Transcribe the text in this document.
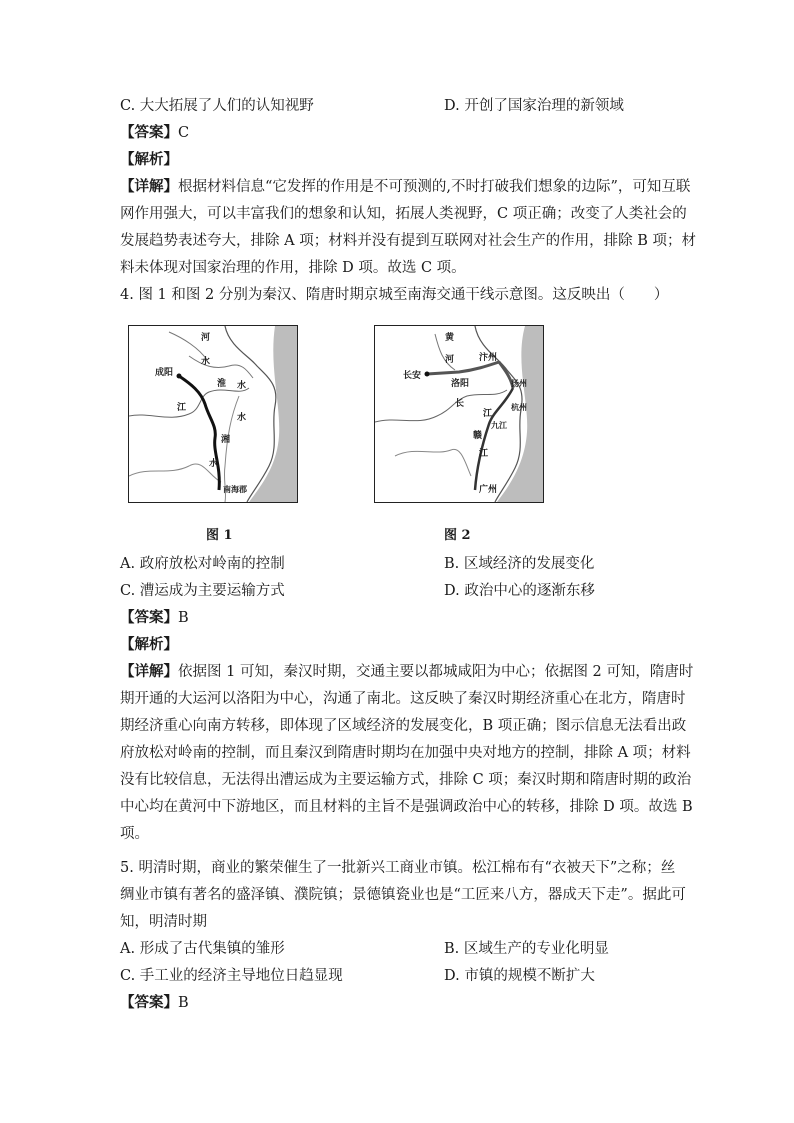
C. 大大拓展了人们的认知视野	D. 开创了国家治理的新领域
【答案】C
【解析】
【详解】根据材料信息“它发挥的作用是不可预测的,不时打破我们想象的边际”，可知互联
网作用强大，可以丰富我们的想象和认知，拓展人类视野，C 项正确；改变了人类社会的
发展趋势表述夸大，排除 A 项；材料并没有提到互联网对社会生产的作用，排除 B 项；材
料未体现对国家治理的作用，排除 D 项。故选 C 项。
4. 图 1 和图 2 分别为秦汉、隋唐时期京城至南海交通干线示意图。这反映出（　　）
河
水
成阳
淮 水
江
水
湘
水
南海郡
黄
河	汴州
长安
洛阳	扬州
长
江
杭州
九江
赣
江
广州
图 1	图 2
A. 政府放松对岭南的控制	B. 区域经济的发展变化
C. 漕运成为主要运输方式	D. 政治中心的逐渐东移
【答案】B
【解析】
【详解】依据图 1 可知，秦汉时期，交通主要以都城咸阳为中心；依据图 2 可知，隋唐时
期开通的大运河以洛阳为中心，沟通了南北。这反映了秦汉时期经济重心在北方，隋唐时
期经济重心向南方转移，即体现了区域经济的发展变化，B 项正确；图示信息无法看出政
府放松对岭南的控制，而且秦汉到隋唐时期均在加强中央对地方的控制，排除 A 项；材料
没有比较信息，无法得出漕运成为主要运输方式，排除 C 项；秦汉时期和隋唐时期的政治
中心均在黄河中下游地区，而且材料的主旨不是强调政治中心的转移，排除 D 项。故选 B
项。
5. 明清时期，商业的繁荣催生了一批新兴工商业市镇。松江棉布有“衣被天下”之称；丝
绸业市镇有著名的盛泽镇、濮院镇；景德镇瓷业也是“工匠来八方，器成天下走”。据此可
知，明清时期
A. 形成了古代集镇的雏形	B. 区域生产的专业化明显
C. 手工业的经济主导地位日趋显现	D. 市镇的规模不断扩大
【答案】B
